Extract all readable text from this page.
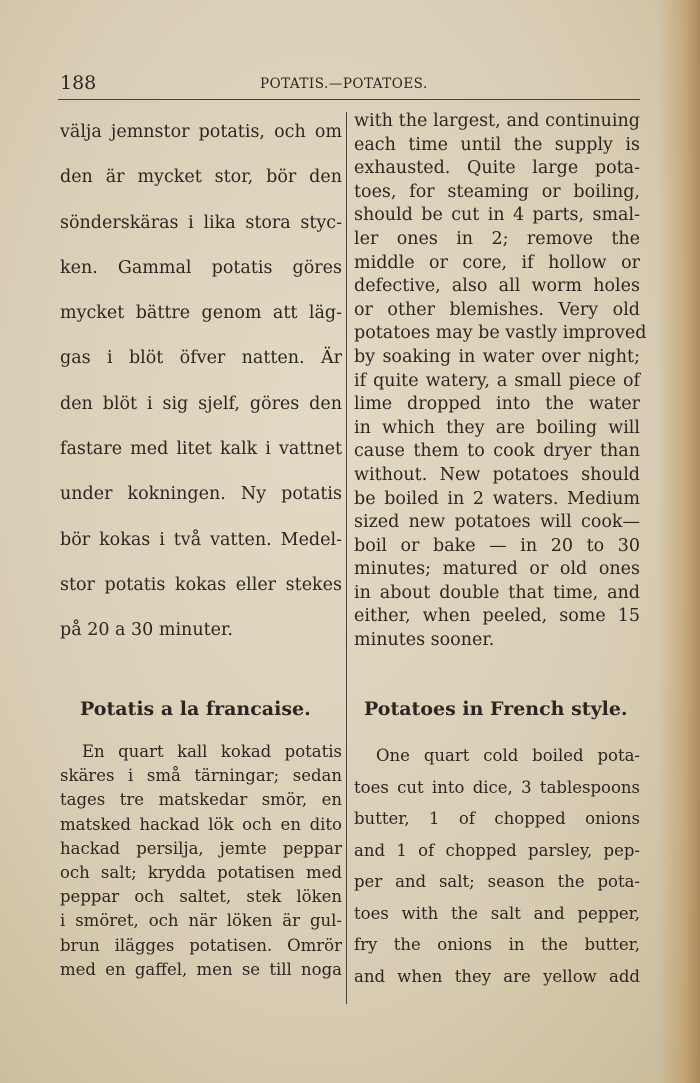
188	POTATIS.—POTATOES.
välja jemnstor potatis, och om
den är mycket stor, bör den
sönderskäras i lika stora styc-
ken. Gammal potatis göres
mycket bättre genom att läg-
gas i blöt öfver natten. Är
den blöt i sig sjelf, göres den
fastare med litet kalk i vattnet
under kokningen. Ny potatis
bör kokas i två vatten. Medel-
stor potatis kokas eller stekes
på 20 a 30 minuter.
with the largest, and continuing
each time until the supply is
exhausted. Quite large pota-
toes, for steaming or boiling,
should be cut in 4 parts, smal-
ler ones in 2; remove the
middle or core, if hollow or
defective, also all worm holes
or other blemishes. Very old
potatoes may be vastly improved
by soaking in water over night;
if quite watery, a small piece of
lime dropped into the water
in which they are boiling will
cause them to cook dryer than
without. New potatoes should
be boiled in 2 waters. Medium
sized new potatoes will cook—
boil or bake — in 20 to 30
minutes; matured or old ones
in about double that time, and
either, when peeled, some 15
minutes sooner.
Potatis a la francaise.	Potatoes in French style.
En quart kall kokad potatis
skäres i små tärningar; sedan
tages tre matskedar smör, en
matsked hackad lök och en dito
hackad persilja, jemte peppar
och salt; krydda potatisen med
peppar och saltet, stek löken
i smöret, och när löken är gul-
brun ilägges potatisen. Omrör
med en gaffel, men se till noga
One quart cold boiled pota-
toes cut into dice, 3 tablespoons
butter, 1 of chopped onions
and 1 of chopped parsley, pep-
per and salt; season the pota-
toes with the salt and pepper,
fry the onions in the butter,
and when they are yellow add
